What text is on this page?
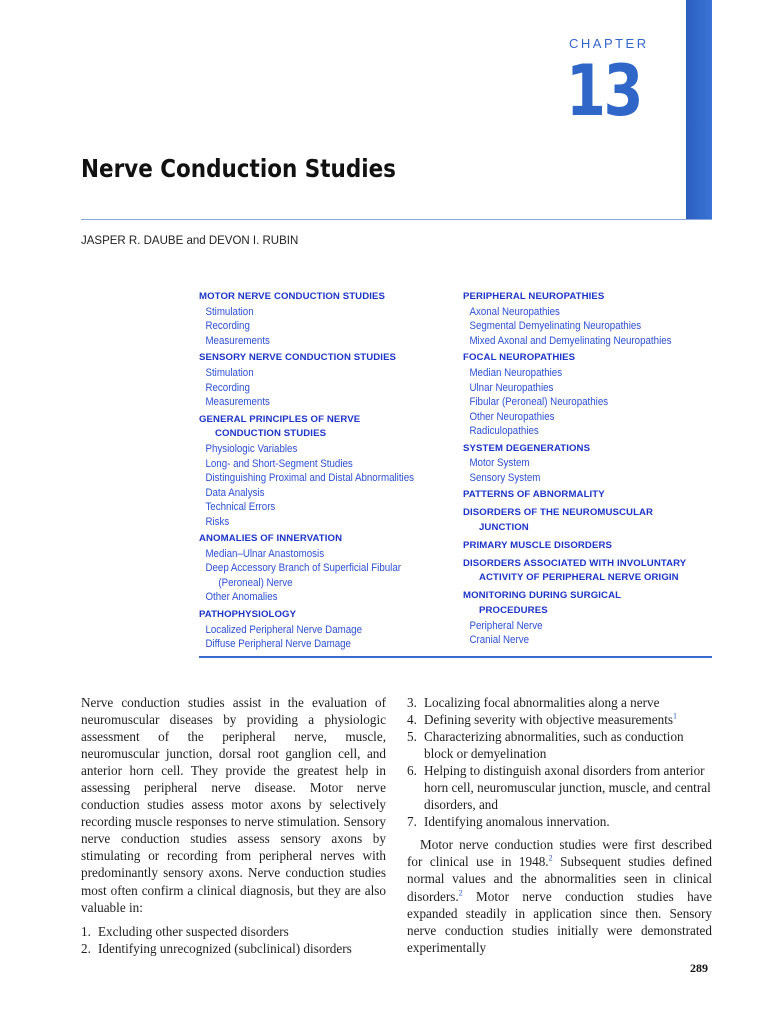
CHAPTER
13
Nerve Conduction Studies
JASPER R. DAUBE and DEVON I. RUBIN
MOTOR NERVE CONDUCTION STUDIES
Stimulation
Recording
Measurements
SENSORY NERVE CONDUCTION STUDIES
Stimulation
Recording
Measurements
GENERAL PRINCIPLES OF NERVE
CONDUCTION STUDIES
Physiologic Variables
Long- and Short-Segment Studies
Distinguishing Proximal and Distal Abnormalities
Data Analysis
Technical Errors
Risks
ANOMALIES OF INNERVATION
Median–Ulnar Anastomosis
Deep Accessory Branch of Superficial Fibular
(Peroneal) Nerve
Other Anomalies
PATHOPHYSIOLOGY
Localized Peripheral Nerve Damage
Diffuse Peripheral Nerve Damage
PERIPHERAL NEUROPATHIES
Axonal Neuropathies
Segmental Demyelinating Neuropathies
Mixed Axonal and Demyelinating Neuropathies
FOCAL NEUROPATHIES
Median Neuropathies
Ulnar Neuropathies
Fibular (Peroneal) Neuropathies
Other Neuropathies
Radiculopathies
SYSTEM DEGENERATIONS
Motor System
Sensory System
PATTERNS OF ABNORMALITY
DISORDERS OF THE NEUROMUSCULAR
JUNCTION
PRIMARY MUSCLE DISORDERS
DISORDERS ASSOCIATED WITH INVOLUNTARY
ACTIVITY OF PERIPHERAL NERVE ORIGIN
MONITORING DURING SURGICAL
PROCEDURES
Peripheral Nerve
Cranial Nerve

Nerve conduction studies assist in the evaluation of neuromuscular diseases by providing a physiologic assessment of the peripheral nerve, muscle, neuromuscular junction, dorsal root ganglion cell, and anterior horn cell. They provide the greatest help in assessing peripheral nerve disease. Motor nerve conduction studies assess motor axons by selectively recording muscle responses to nerve stimulation. Sensory nerve conduction studies assess sensory axons by stimulating or recording from peripheral nerves with predominantly sensory axons. Nerve conduction studies most often confirm a clinical diagnosis, but they are also valuable in:

1. Excluding other suspected disorders
2. Identifying unrecognized (subclinical) disorders
3. Localizing focal abnormalities along a nerve
4. Defining severity with objective measurements$^1$
5. Characterizing abnormalities, such as conduction block or demyelination
6. Helping to distinguish axonal disorders from anterior horn cell, neuromuscular junction, muscle, and central disorders, and
7. Identifying anomalous innervation.

Motor nerve conduction studies were first described for clinical use in 1948.$^2$ Subsequent studies defined normal values and the abnormalities seen in clinical disorders.$^2$ Motor nerve conduction studies have expanded steadily in application since then. Sensory nerve conduction studies initially were demonstrated experimentally

289
